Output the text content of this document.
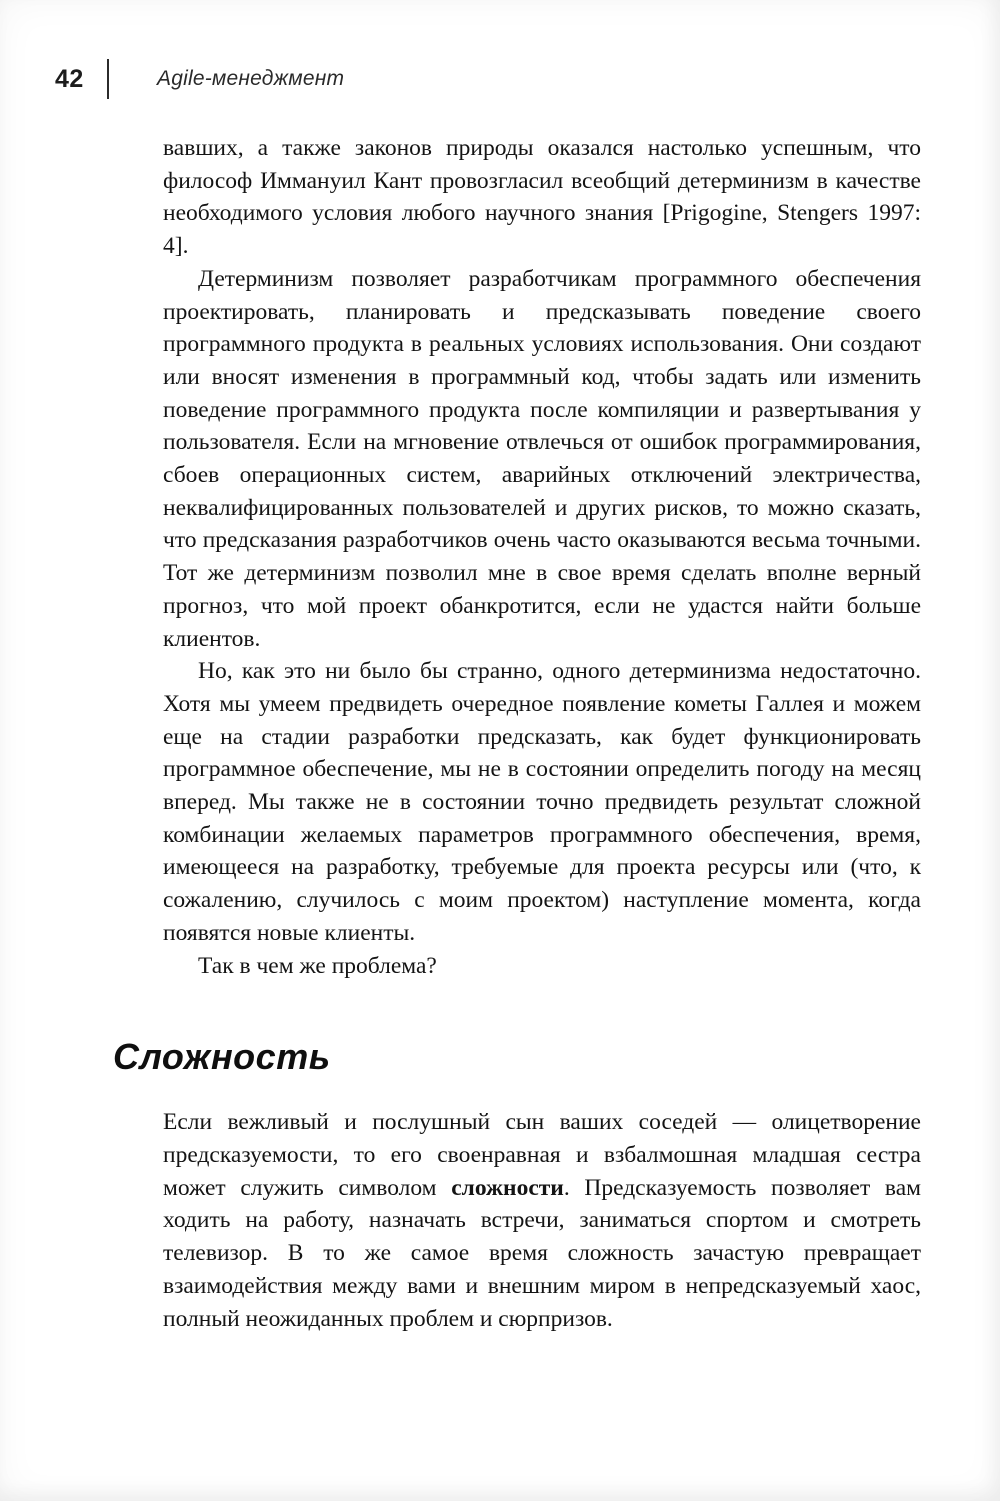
42	Agile-менеджмент

вавших, а также законов природы оказался настолько успешным, что философ Иммануил Кант провозгласил всеобщий детерминизм в качестве необходимого условия любого научного знания [Prigogine, Stengers 1997: 4].

Детерминизм позволяет разработчикам программного обеспечения проектировать, планировать и предсказывать поведение своего программного продукта в реальных условиях использования. Они создают или вносят изменения в программный код, чтобы задать или изменить поведение программного продукта после компиляции и развертывания у пользователя. Если на мгновение отвлечься от ошибок программирования, сбоев операционных систем, аварийных отключений электричества, неквалифицированных пользователей и других рисков, то можно сказать, что предсказания разработчиков очень часто оказываются весьма точными. Тот же детерминизм позволил мне в свое время сделать вполне верный прогноз, что мой проект обанкротится, если не удастся найти больше клиентов.

Но, как это ни было бы странно, одного детерминизма недостаточно. Хотя мы умеем предвидеть очередное появление кометы Галлея и можем еще на стадии разработки предсказать, как будет функционировать программное обеспечение, мы не в состоянии определить погоду на месяц вперед. Мы также не в состоянии точно предвидеть результат сложной комбинации желаемых параметров программного обеспечения, время, имеющееся на разработку, требуемые для проекта ресурсы или (что, к сожалению, случилось с моим проектом) наступление момента, когда появятся новые клиенты.

Так в чем же проблема?

Сложность

Если вежливый и послушный сын ваших соседей — олицетворение предсказуемости, то его своенравная и взбалмошная младшая сестра может служить символом сложности. Предсказуемость позволяет вам ходить на работу, назначать встречи, заниматься спортом и смотреть телевизор. В то же самое время сложность зачастую превращает взаимодействия между вами и внешним миром в непредсказуемый хаос, полный неожиданных проблем и сюрпризов.
